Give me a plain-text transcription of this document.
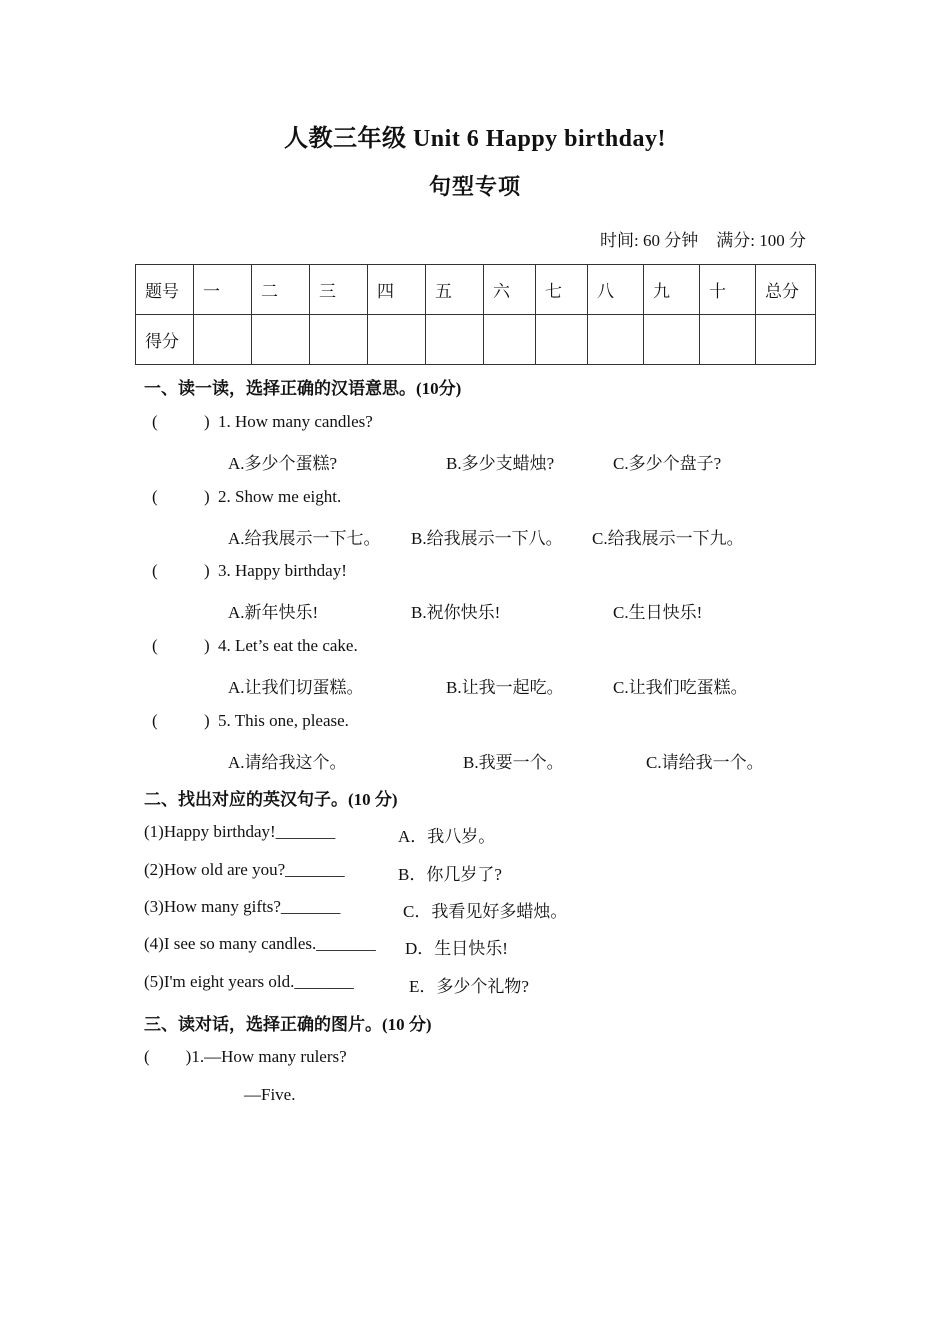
人教三年级 Unit 6 Happy birthday!
句型专项
时间: 60 分钟 满分: 100 分
题号	一	二	三	四	五	六	七	八	九	十	总分
得分											
一、读一读，选择正确的汉语意思。(10分)
(	) 1. How many candles?
A.多少个蛋糕?	B.多少支蜡烛?	C.多少个盘子?
(	) 2. Show me eight.
A.给我展示一下七。 B.给我展示一下八。 C.给我展示一下九。
(	) 3. Happy birthday!
A.新年快乐!	B.祝你快乐!	C.生日快乐!
(	) 4. Let’s eat the cake.
A.让我们切蛋糕。	B.让我一起吃。	C.让我们吃蛋糕。
(	) 5. This one, please.
A.请给我这个。	B.我要一个。	C.请给我一个。
二、找出对应的英汉句子。(10 分)
(1)Happy birthday!_______	A．我八岁。
(2)How old are you?_______	B．你几岁了?
(3)How many gifts?_______	C．我看见好多蜡烛。
(4)I see so many candles._______ D．生日快乐!
(5)I'm eight years old._______	E．多少个礼物?
三、读对话，选择正确的图片。(10 分)
( )1.—How many rulers?
—Five.
